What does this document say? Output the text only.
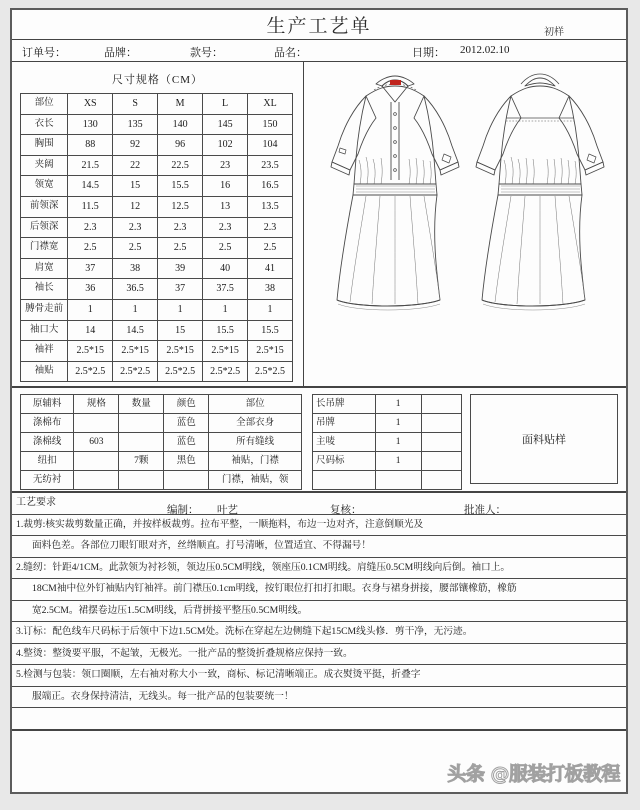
生产工艺单	初样
订单号：	品牌：	款号：	品名：	日期： 2012.02.10
尺寸规格（CM）
部位	XS	S	M	L	XL
衣长	130	135	140	145	150
胸围	88	92	96	102	104
夹阔	21.5	22	22.5	23	23.5
领宽	14.5	15	15.5	16	16.5
前领深	11.5	12	12.5	13	13.5
后领深	2.3	2.3	2.3	2.3	2.3
门襟宽	2.5	2.5	2.5	2.5	2.5
肩宽	37	38	39	40	41
袖长	36	36.5	37	37.5	38
膊骨走前	1	1	1	1	1
袖口大	14	14.5	15	15.5	15.5
袖袢	2.5*15	2.5*15	2.5*15	2.5*15	2.5*15
袖贴	2.5*2.5	2.5*2.5	2.5*2.5	2.5*2.5	2.5*2.5
原辅料	规格	数量	颜色	部位
涤棉布			蓝色	全部衣身
涤棉线	603		蓝色	所有缝线
纽扣		7颗	黑色	袖贴，门襟
无纺衬				门襟，袖贴，领
长吊牌	1	
吊牌	1	
主唛	1	
尺码标	1	

面料贴样
工艺要求
1.裁剪:核实裁剪数量正确，并按样板裁剪。拉布平整，一顺拖料，布边一边对齐，注意倒顺光及
面料色差。各部位刀眼钉眼对齐，丝绺顺直。打号清晰，位置适宜、不得漏号！
2.缝纫：针距4/1CM。此款领为衬衫领，领边压0.5CM明线，领座压0.1CM明线。肩缝压0.5CM明线向后倒。袖口上。
18CM袖中位外钉袖贴内钉袖袢。前门襟压0.1cm明线，按钉眼位打扣打扣眼。衣身与裙身拼接，腰部镶橡筋，橡筋
宽2.5CM。裙摆卷边压1.5CM明线，后背拼接平整压0.5CM明线。
3.订标：配色线车尺码标于后领中下边1.5CM处。洗标在穿起左边侧缝下起15CM线头修．剪干净，无污迹。
4.整烫：整烫要平服，不起皱，无极光。一批产品的整烫折叠规格应保持一致。
5.检测与包装：领口圈顺，左右袖对称大小一致，商标、标记清晰端正。成衣熨烫平挺，折叠字
服端正。衣身保持清洁，无线头。每一批产品的包装要统一！

编制： 叶艺	复核：	批准人：
头条 @服装打板教程
